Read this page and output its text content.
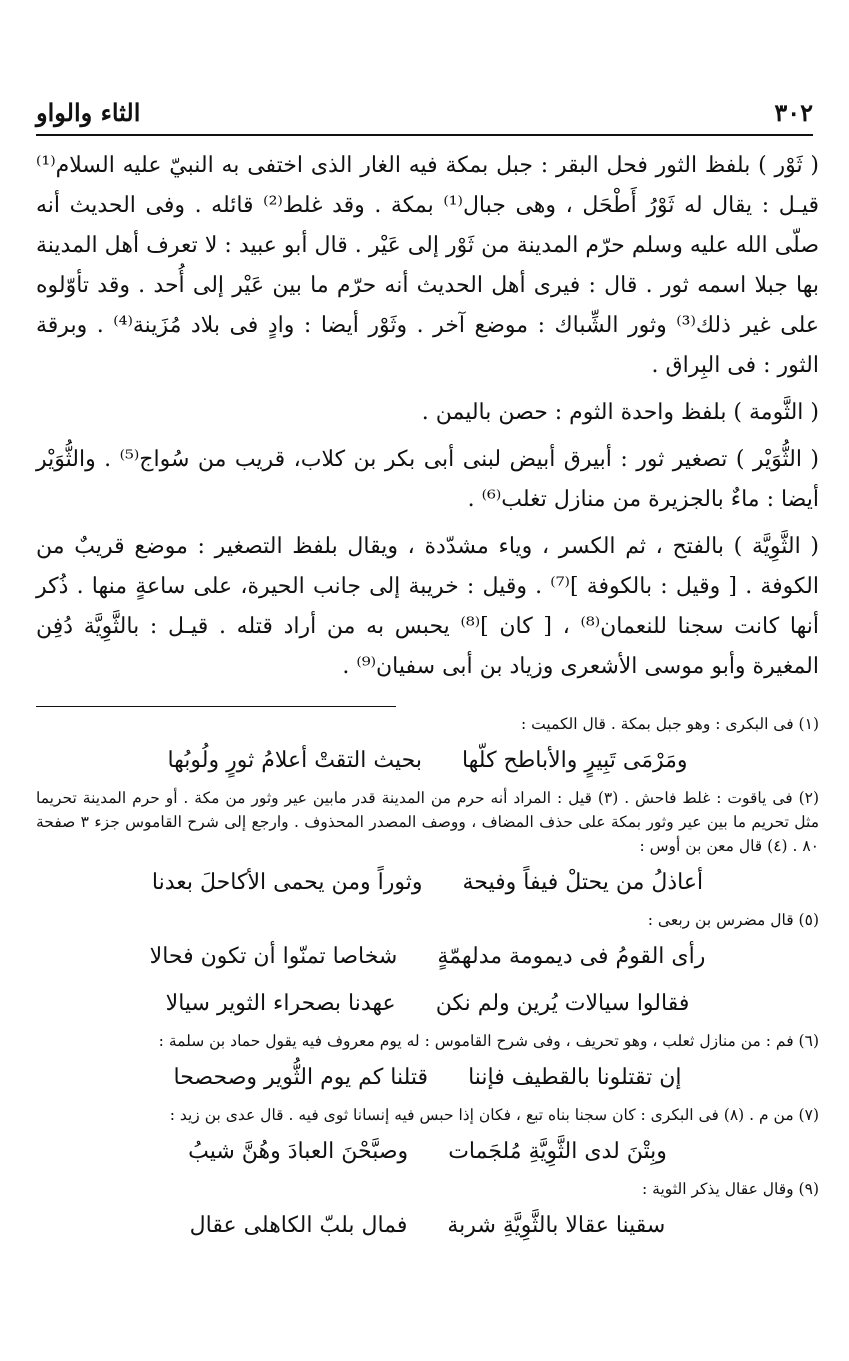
٣٠٢
الثاء والواو

( ثَوْر ) بلفظ الثور فحل البقر : جبل بمكة فيه الغار الذى اختفى به النبيّ عليه السلام⁽¹⁾ قيـل : يقال له ثَوْرُ أَطْحَل ، وهى جبال⁽¹⁾ بمكة . وقد غلط⁽²⁾ قائله . وفى الحديث أنه صلّى الله عليه وسلم حرّم المدينة من ثَوْر إلى عَيْر . قال أبو عبيد : لا تعرف أهل المدينة بها جبلا اسمه ثور . قال : فيرى أهل الحديث أنه حرّم ما بين عَيْر إلى أُحد . وقد تأوّلوه على غير ذلك⁽³⁾ وثور الشِّباك : موضع آخر . وثَوْر أيضا : وادٍ فى بلاد مُزَينة⁽⁴⁾ . وبرقة الثور : فى البِراق .

( الثَّومة ) بلفظ واحدة الثوم : حصن باليمن .

( الثُّوَيْر ) تصغير ثور : أبيرق أبيض لبنى أبى بكر بن كلاب، قريب من سُواج⁽⁵⁾ . والثُّوَيْر أيضا : ماءٌ بالجزيرة من منازل تغلب⁽⁶⁾ .

( الثَّوِيَّة ) بالفتح ، ثم الكسر ، وياء مشدّدة ، ويقال بلفظ التصغير : موضع قريبٌ من الكوفة . [ وقيل : بالكوفة ]⁽⁷⁾ . وقيل : خريبة إلى جانب الحيرة، على ساعةٍ منها . ذُكر أنها كانت سجنا للنعمان⁽⁸⁾ ، [ كان ]⁽⁸⁾ يحبس به من أراد قتله . قيـل : بالثَّوِيَّة دُفِن المغيرة وأبو موسى الأشعرى وزياد بن أبى سفيان⁽⁹⁾ .

(١) فى البكرى : وهو جبل بمكة . قال الكميت :

ومَرْمَى تَبِيرٍ والأباطح كلّها
بحيث التقتْ أعلامُ ثورٍ ولُوبُها

(٢) فى ياقوت : غلط فاحش . (٣) قيل : المراد أنه حرم من المدينة قدر مابين عير وثور من مكة . أو حرم المدينة تحريما مثل تحريم ما بين عير وثور بمكة على حذف المضاف ، ووصف المصدر المحذوف . وارجع إلى شرح القاموس جزء ٣ صفحة ٨٠ . (٤) قال معن بن أوس :

أعاذلُ من يحتلْ فيفاً وفيحة
وثوراً ومن يحمى الأكاحلَ بعدنا

(٥) قال مضرس بن ربعى :

رأى القومُ فى ديمومة مدلهمّةٍ
شخاصا تمنّوا أن تكون فحالا
فقالوا سيالات يُرين ولم نكن
عهدنا بصحراء الثوير سيالا

(٦) فم : من منازل ثعلب ، وهو تحريف ، وفى شرح القاموس : له يوم معروف فيه يقول حماد بن سلمة :

إن تقتلونا بالقطيف فإننا
قتلنا كم يوم الثُّوير وصحصحا

(٧) من م . (٨) فى البكرى : كان سجنا بناه تبع ، فكان إذا حبس فيه إنسانا ثوى فيه . قال عدى بن زيد :

وبِتْنَ لدى الثَّوِيَّةِ مُلجَمات
وصبَّحْنَ العبادَ وهُنَّ شيبُ

(٩) وقال عقال يذكر الثوية :

سقينا عقالا بالثَّوِيَّةِ شربة
فمال بلبّ الكاهلى عقال
